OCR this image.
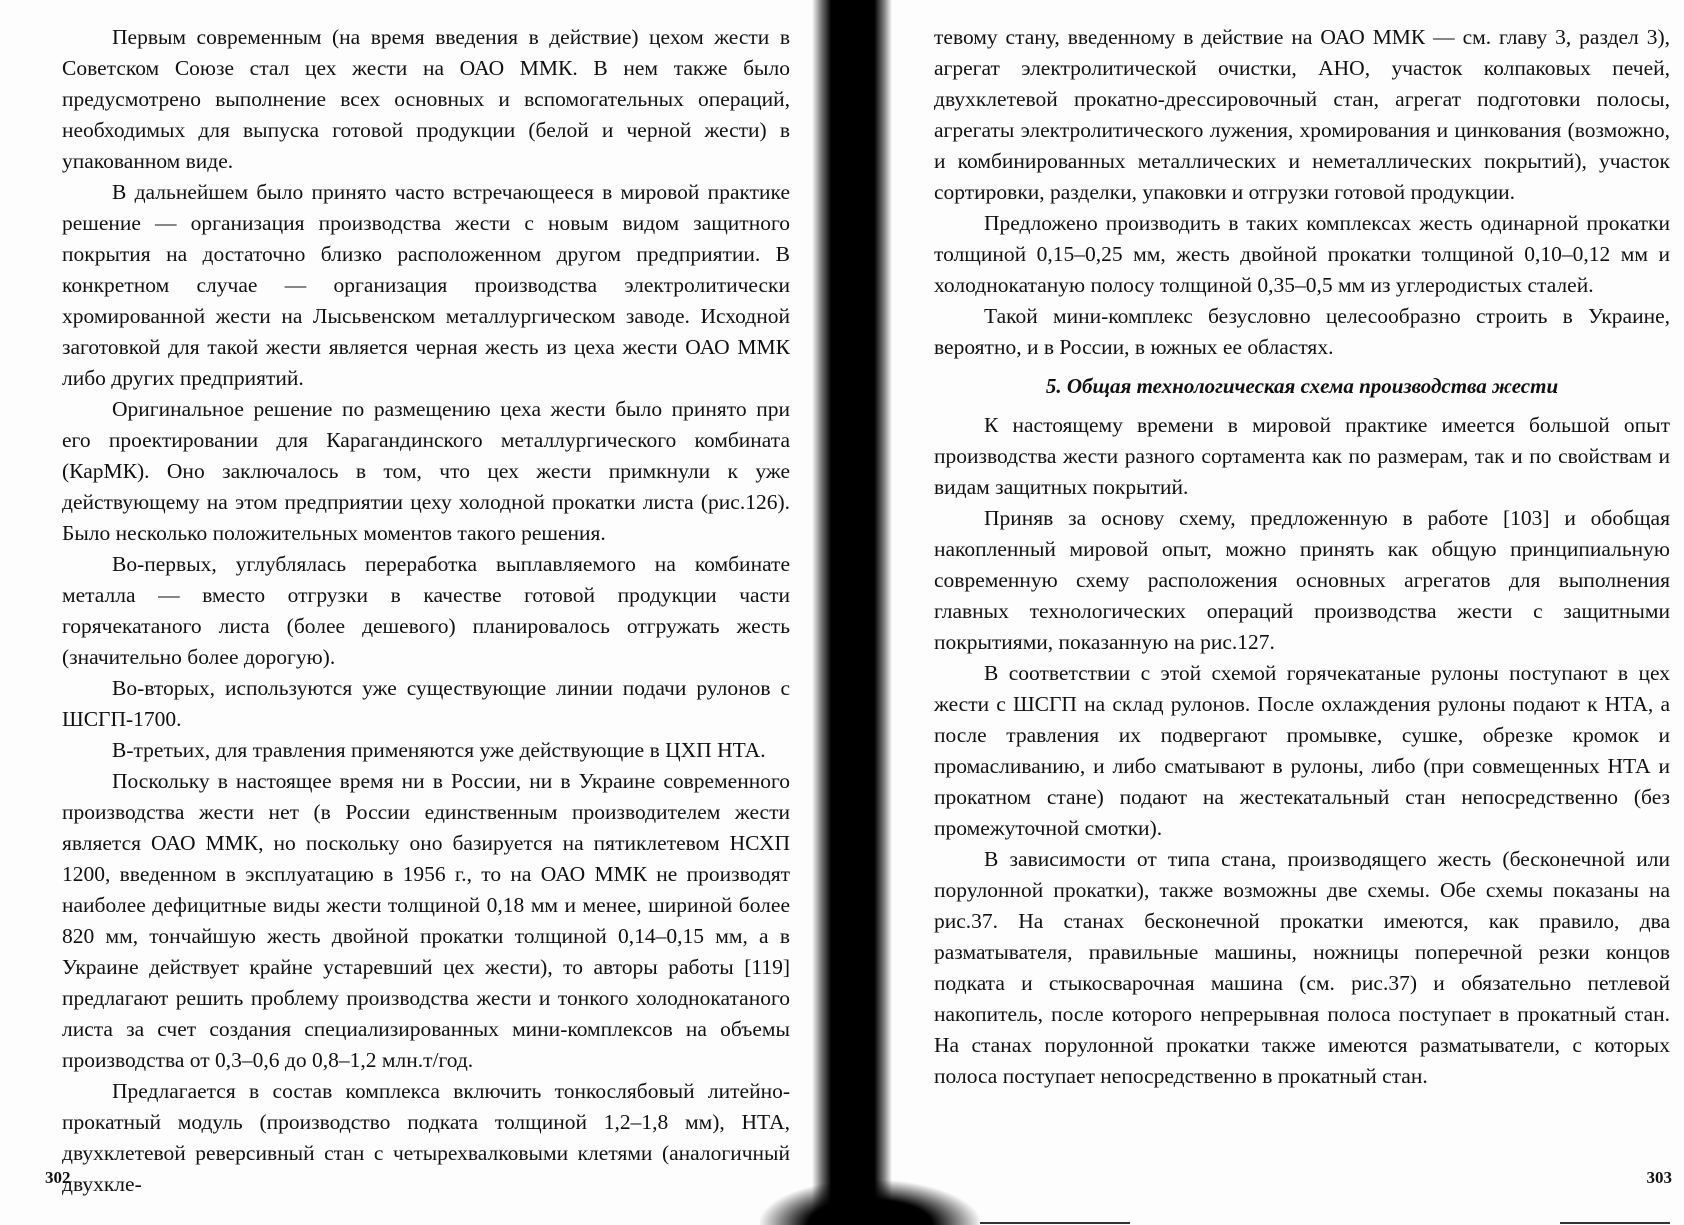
Первым современным (на время введения в действие) цехом жести в Советском Союзе стал цех жести на ОАО ММК. В нем также было предусмотрено выполнение всех основных и вспомогательных операций, необходимых для выпуска готовой продукции (белой и черной жести) в упакованном виде.

В дальнейшем было принято часто встречающееся в мировой практике решение — организация производства жести с новым видом защитного покрытия на достаточно близко расположенном другом предприятии. В конкретном случае — организация производства электролитически хромированной жести на Лысьвенском металлургическом заводе. Исходной заготовкой для такой жести является черная жесть из цеха жести ОАО ММК либо других предприятий.

Оригинальное решение по размещению цеха жести было принято при его проектировании для Карагандинского металлургического комбината (КарМК). Оно заключалось в том, что цех жести примкнули к уже действующему на этом предприятии цеху холодной прокатки листа (рис.126). Было несколько положительных моментов такого решения.

Во-первых, углублялась переработка выплавляемого на комбинате металла — вместо отгрузки в качестве готовой продукции части горячекатаного листа (более дешевого) планировалось отгружать жесть (значительно более дорогую).

Во-вторых, используются уже существующие линии подачи рулонов с ШСГП-1700.

В-третьих, для травления применяются уже действующие в ЦХП НТА.

Поскольку в настоящее время ни в России, ни в Украине современного производства жести нет (в России единственным производителем жести является ОАО ММК, но поскольку оно базируется на пятиклетевом НСХП 1200, введенном в эксплуатацию в 1956 г., то на ОАО ММК не производят наиболее дефицитные виды жести толщиной 0,18 мм и менее, шириной более 820 мм, тончайшую жесть двойной прокатки толщиной 0,14–0,15 мм, а в Украине действует крайне устаревший цех жести), то авторы работы [119] предлагают решить проблему производства жести и тонкого холоднокатаного листа за счет создания специализированных мини-комплексов на объемы производства от 0,3–0,6 до 0,8–1,2 млн.т/год.

Предлагается в состав комплекса включить тонкослябовый литейно-прокатный модуль (производство подката толщиной 1,2–1,8 мм), НТА, двухклетевой реверсивный стан с четырехвалковыми клетями (аналогичный двухкле-

302

тевому стану, введенному в действие на ОАО ММК — см. главу 3, раздел 3), агрегат электролитической очистки, АНО, участок колпаковых печей, двухклетевой прокатно-дрессировочный стан, агрегат подготовки полосы, агрегаты электролитического лужения, хромирования и цинкования (возможно, и комбинированных металлических и неметаллических покрытий), участок сортировки, разделки, упаковки и отгрузки готовой продукции.

Предложено производить в таких комплексах жесть одинарной прокатки толщиной 0,15–0,25 мм, жесть двойной прокатки толщиной 0,10–0,12 мм и холоднокатаную полосу толщиной 0,35–0,5 мм из углеродистых сталей.

Такой мини-комплекс безусловно целесообразно строить в Украине, вероятно, и в России, в южных ее областях.

5. Общая технологическая схема производства жести

К настоящему времени в мировой практике имеется большой опыт производства жести разного сортамента как по размерам, так и по свойствам и видам защитных покрытий.

Приняв за основу схему, предложенную в работе [103] и обобщая накопленный мировой опыт, можно принять как общую принципиальную современную схему расположения основных агрегатов для выполнения главных технологических операций производства жести с защитными покрытиями, показанную на рис.127.

В соответствии с этой схемой горячекатаные рулоны поступают в цех жести с ШСГП на склад рулонов. После охлаждения рулоны подают к НТА, а после травления их подвергают промывке, сушке, обрезке кромок и промасливанию, и либо сматывают в рулоны, либо (при совмещенных НТА и прокатном стане) подают на жестекатальный стан непосредственно (без промежуточной смотки).

В зависимости от типа стана, производящего жесть (бесконечной или порулонной прокатки), также возможны две схемы. Обе схемы показаны на рис.37. На станах бесконечной прокатки имеются, как правило, два разматывателя, правильные машины, ножницы поперечной резки концов подката и стыкосварочная машина (см. рис.37) и обязательно петлевой накопитель, после которого непрерывная полоса поступает в прокатный стан. На станах порулонной прокатки также имеются разматыватели, с которых полоса поступает непосредственно в прокатный стан.

303
